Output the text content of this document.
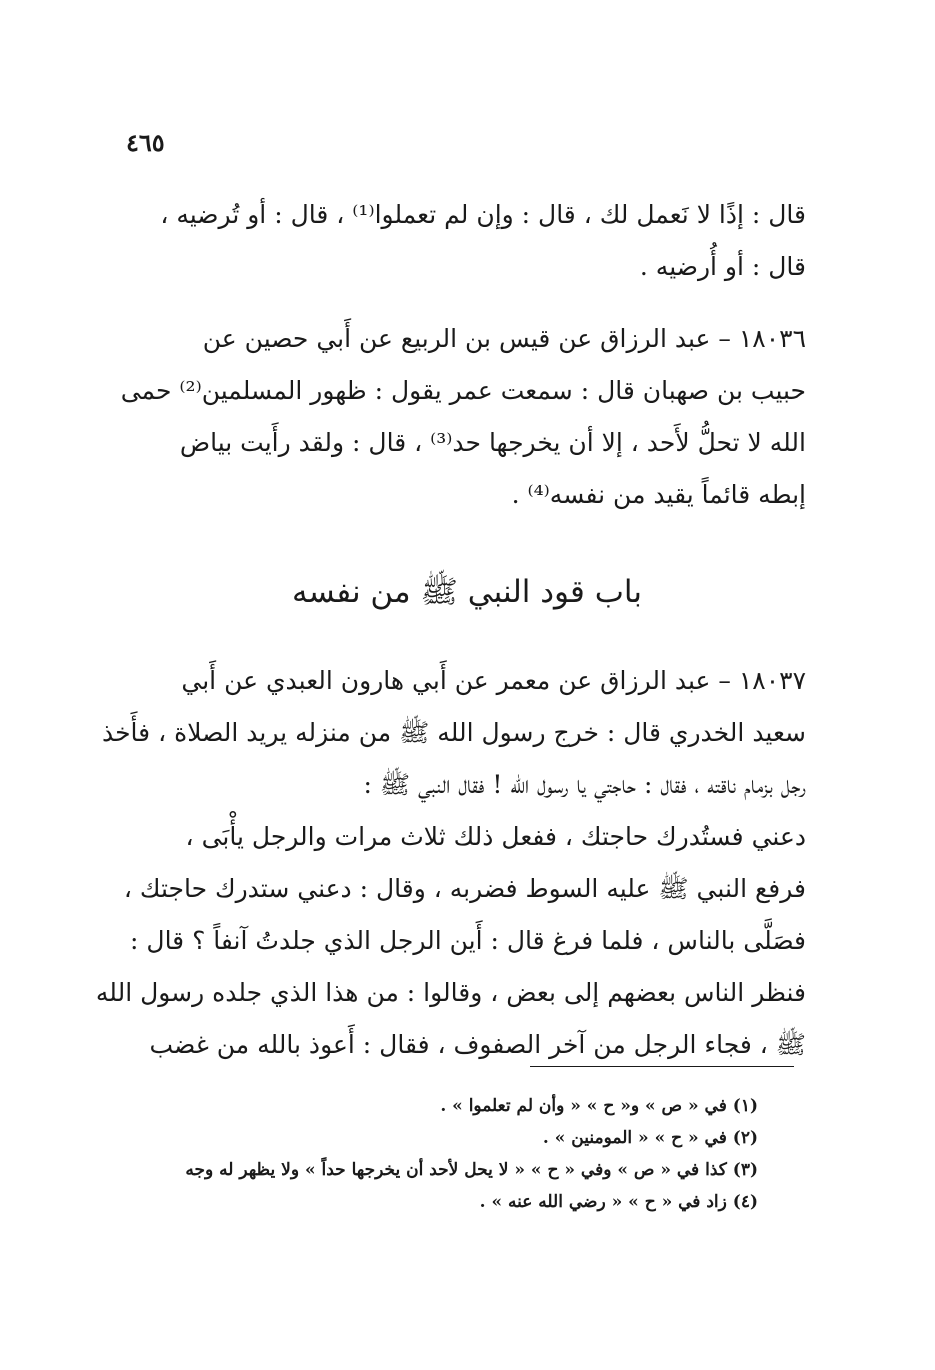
٤٦٥
قال : إذًا لا نَعمل لك ، قال : وإن لم تعملوا⁽¹⁾ ، قال : أو تُرضيه ،
قال : أو أُرضيه .
١٨٠٣٦ – عبد الرزاق عن قيس بن الربيع عن أَبي حصين عن
حبيب بن صهبان قال : سمعت عمر يقول : ظهور المسلمين⁽²⁾ حمى
الله لا تحلُّ لأَحد ، إلا أن يخرجها حد⁽³⁾ ، قال : ولقد رأَيت بياض
إبطه قائماً يقيد من نفسه⁽⁴⁾ .
باب قود النبي ﷺ من نفسه
١٨٠٣٧ – عبد الرزاق عن معمر عن أَبي هارون العبدي عن أَبي
سعيد الخدري قال : خرج رسول الله ﷺ من منزله يريد الصلاة ، فأَخذ
رجل بزمام ناقته ، فقال : حاجتي يا رسول الله ! فقال النبي ﷺ :
دعني فستُدرك حاجتك ، ففعل ذلك ثلاث مرات والرجل يأْبَى ،
فرفع النبي ﷺ عليه السوط فضربه ، وقال : دعني ستدرك حاجتك ،
فصَلَّى بالناس ، فلما فرغ قال : أَين الرجل الذي جلدتُ آنفاً ؟ قال :
فنظر الناس بعضهم إلى بعض ، وقالوا : من هذا الذي جلده رسول الله
ﷺ ، فجاء الرجل من آخر الصفوف ، فقال : أَعوذ بالله من غضب
(١) في « ص » و« ح » « وأن لم تعلموا » .
(٢) في « ح » « المومنين » .
(٣) كذا في « ص » وفي « ح » « لا يحل لأحد أن يخرجها حداً » ولا يظهر له وجه
(٤) زاد في « ح » « رضي الله عنه » .
